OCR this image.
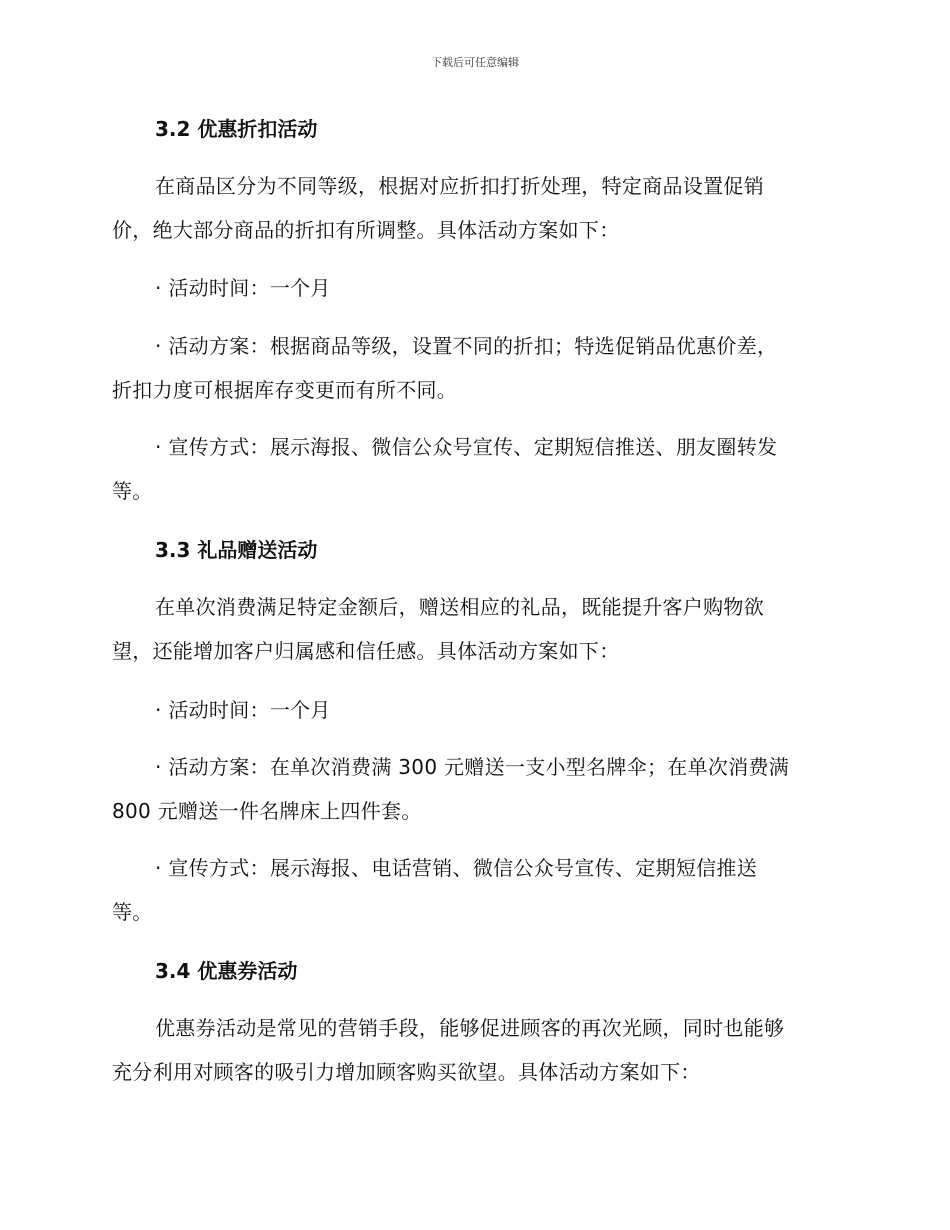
下载后可任意编辑
3.2 优惠折扣活动
在商品区分为不同等级，根据对应折扣打折处理，特定商品设置促销
价，绝大部分商品的折扣有所调整。具体活动方案如下：
· 活动时间：一个月
· 活动方案：根据商品等级，设置不同的折扣；特选促销品优惠价差，
折扣力度可根据库存变更而有所不同。
· 宣传方式：展示海报、微信公众号宣传、定期短信推送、朋友圈转发
等。
3.3 礼品赠送活动
在单次消费满足特定金额后，赠送相应的礼品，既能提升客户购物欲
望，还能增加客户归属感和信任感。具体活动方案如下：
· 活动时间：一个月
· 活动方案：在单次消费满 300 元赠送一支小型名牌伞；在单次消费满
800 元赠送一件名牌床上四件套。
· 宣传方式：展示海报、电话营销、微信公众号宣传、定期短信推送
等。
3.4 优惠券活动
优惠券活动是常见的营销手段，能够促进顾客的再次光顾，同时也能够
充分利用对顾客的吸引力增加顾客购买欲望。具体活动方案如下：
